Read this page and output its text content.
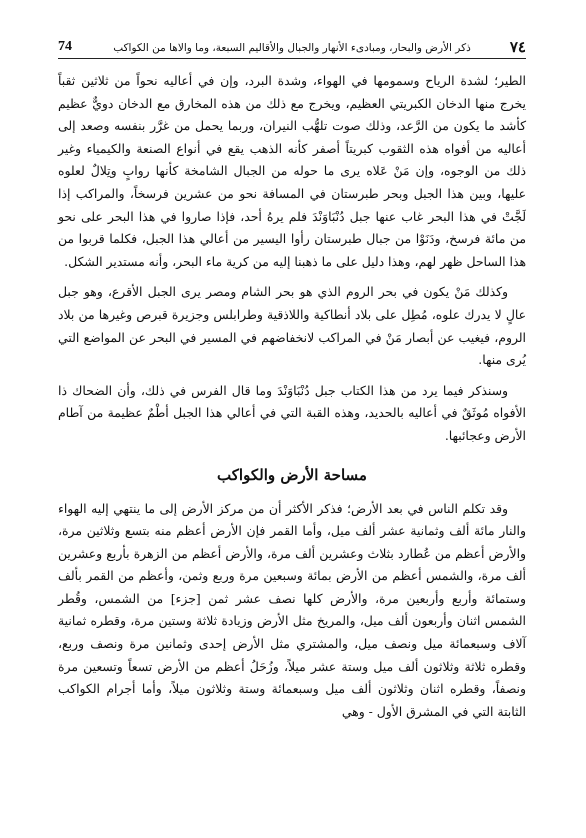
٧٤
ذكر الأرض والبحار، ومبادىء الأنهار والجبال والأقاليم السبعة، وما والاها من الكواكب
74

الطير؛ لشدة الرياح وسمومها في الهواء، وشدة البرد، وإن في أعاليه نحواً من ثلاثين ثقباً يخرج منها الدخان الكبريتي العظيم، ويخرج مع ذلك من هذه المخارق مع الدخان دويٌّ عظيم كأشد ما يكون من الرَّعد، وذلك صوت تلهُّب النيران، وربما يحمل من غرَّر بنفسه وصعد إلى أعاليه من أفواه هذه الثقوب كبريتاً أصفر كأنه الذهب يقع في أنواع الصنعة والكيمياء وغير ذلك من الوجوه، وإن مَنْ عَلاه يرى ما حوله من الجبال الشامخة كأنها روابٍ وتِلالٌ لعلوه عليها، وبين هذا الجبل وبحر طبرستان في المسافة نحو من عشرين فرسخاً، والمراكب إذا لَجَّتْ في هذا البحر غاب عنها جبل دُنْبَاوَنْدَ فلم يرهُ أحد، فإذا صاروا في هذا البحر على نحو من مائة فرسخ، ودَنَوْا من جبال طبرستان رأوا اليسير من أعالي هذا الجبل، فكلما قربوا من هذا الساحل ظهر لهم، وهذا دليل على ما ذهبنا إليه من كرية ماء البحر، وأنه مستدير الشكل.

وكذلك مَنْ يكون في بحر الروم الذي هو بحر الشام ومصر يرى الجبل الأقرع، وهو جبل عالٍ لا يدرك علوه، مُطِل على بلاد أنطاكية واللاذقية وطرابلس وجزيرة قبرص وغيرها من بلاد الروم، فيغيب عن أبصار مَنْ في المراكب لانخفاضهم في المسير في البحر عن المواضع التي يُرى منها.

وسنذكر فيما يرد من هذا الكتاب جبل دُنْبَاوَنْدَ وما قال الفرس في ذلك، وأن الضحاك ذا الأفواه مُوثَقٌ في أعاليه بالحديد، وهذه القبة التي في أعالي هذا الجبل أطْمٌ عظيمة من آطام الأرض وعجائبها.

مساحة الأرض والكواكب

وقد تكلم الناس في بعد الأرض؛ فذكر الأكثر أن من مركز الأرض إلى ما ينتهي إليه الهواء والنار مائة ألف وثمانية عشر ألف ميل، وأما القمر فإن الأرض أعظم منه بتسع وثلاثين مرة، والأرض أعظم من عُطارد بثلاث وعشرين ألف مرة، والأرض أعظم من الزهرة بأربع وعشرين ألف مرة، والشمس أعظم من الأرض بمائة وسبعين مرة وربع وثمن، وأعظم من القمر بألف وستمائة وأربع وأربعين مرة، والأرض كلها نصف عشر ثمن [جزء] من الشمس، وقُطر الشمس اثنان وأربعون ألف ميل، والمريخ مثل الأرض وزيادة ثلاثة وستين مرة، وقطره ثمانية آلاف وسبعمائة ميل ونصف ميل، والمشتري مثل الأرض إحدى وثمانين مرة ونصف وربع، وقطره ثلاثة وثلاثون ألف ميل وستة عشر ميلاً، وزُحَلُ أعظم من الأرض تسعاً وتسعين مرة ونصفاً، وقطره اثنان وثلاثون ألف ميل وسبعمائة وستة وثلاثون ميلاً، وأما أجرام الكواكب الثابتة التي في المشرق الأول - وهي
